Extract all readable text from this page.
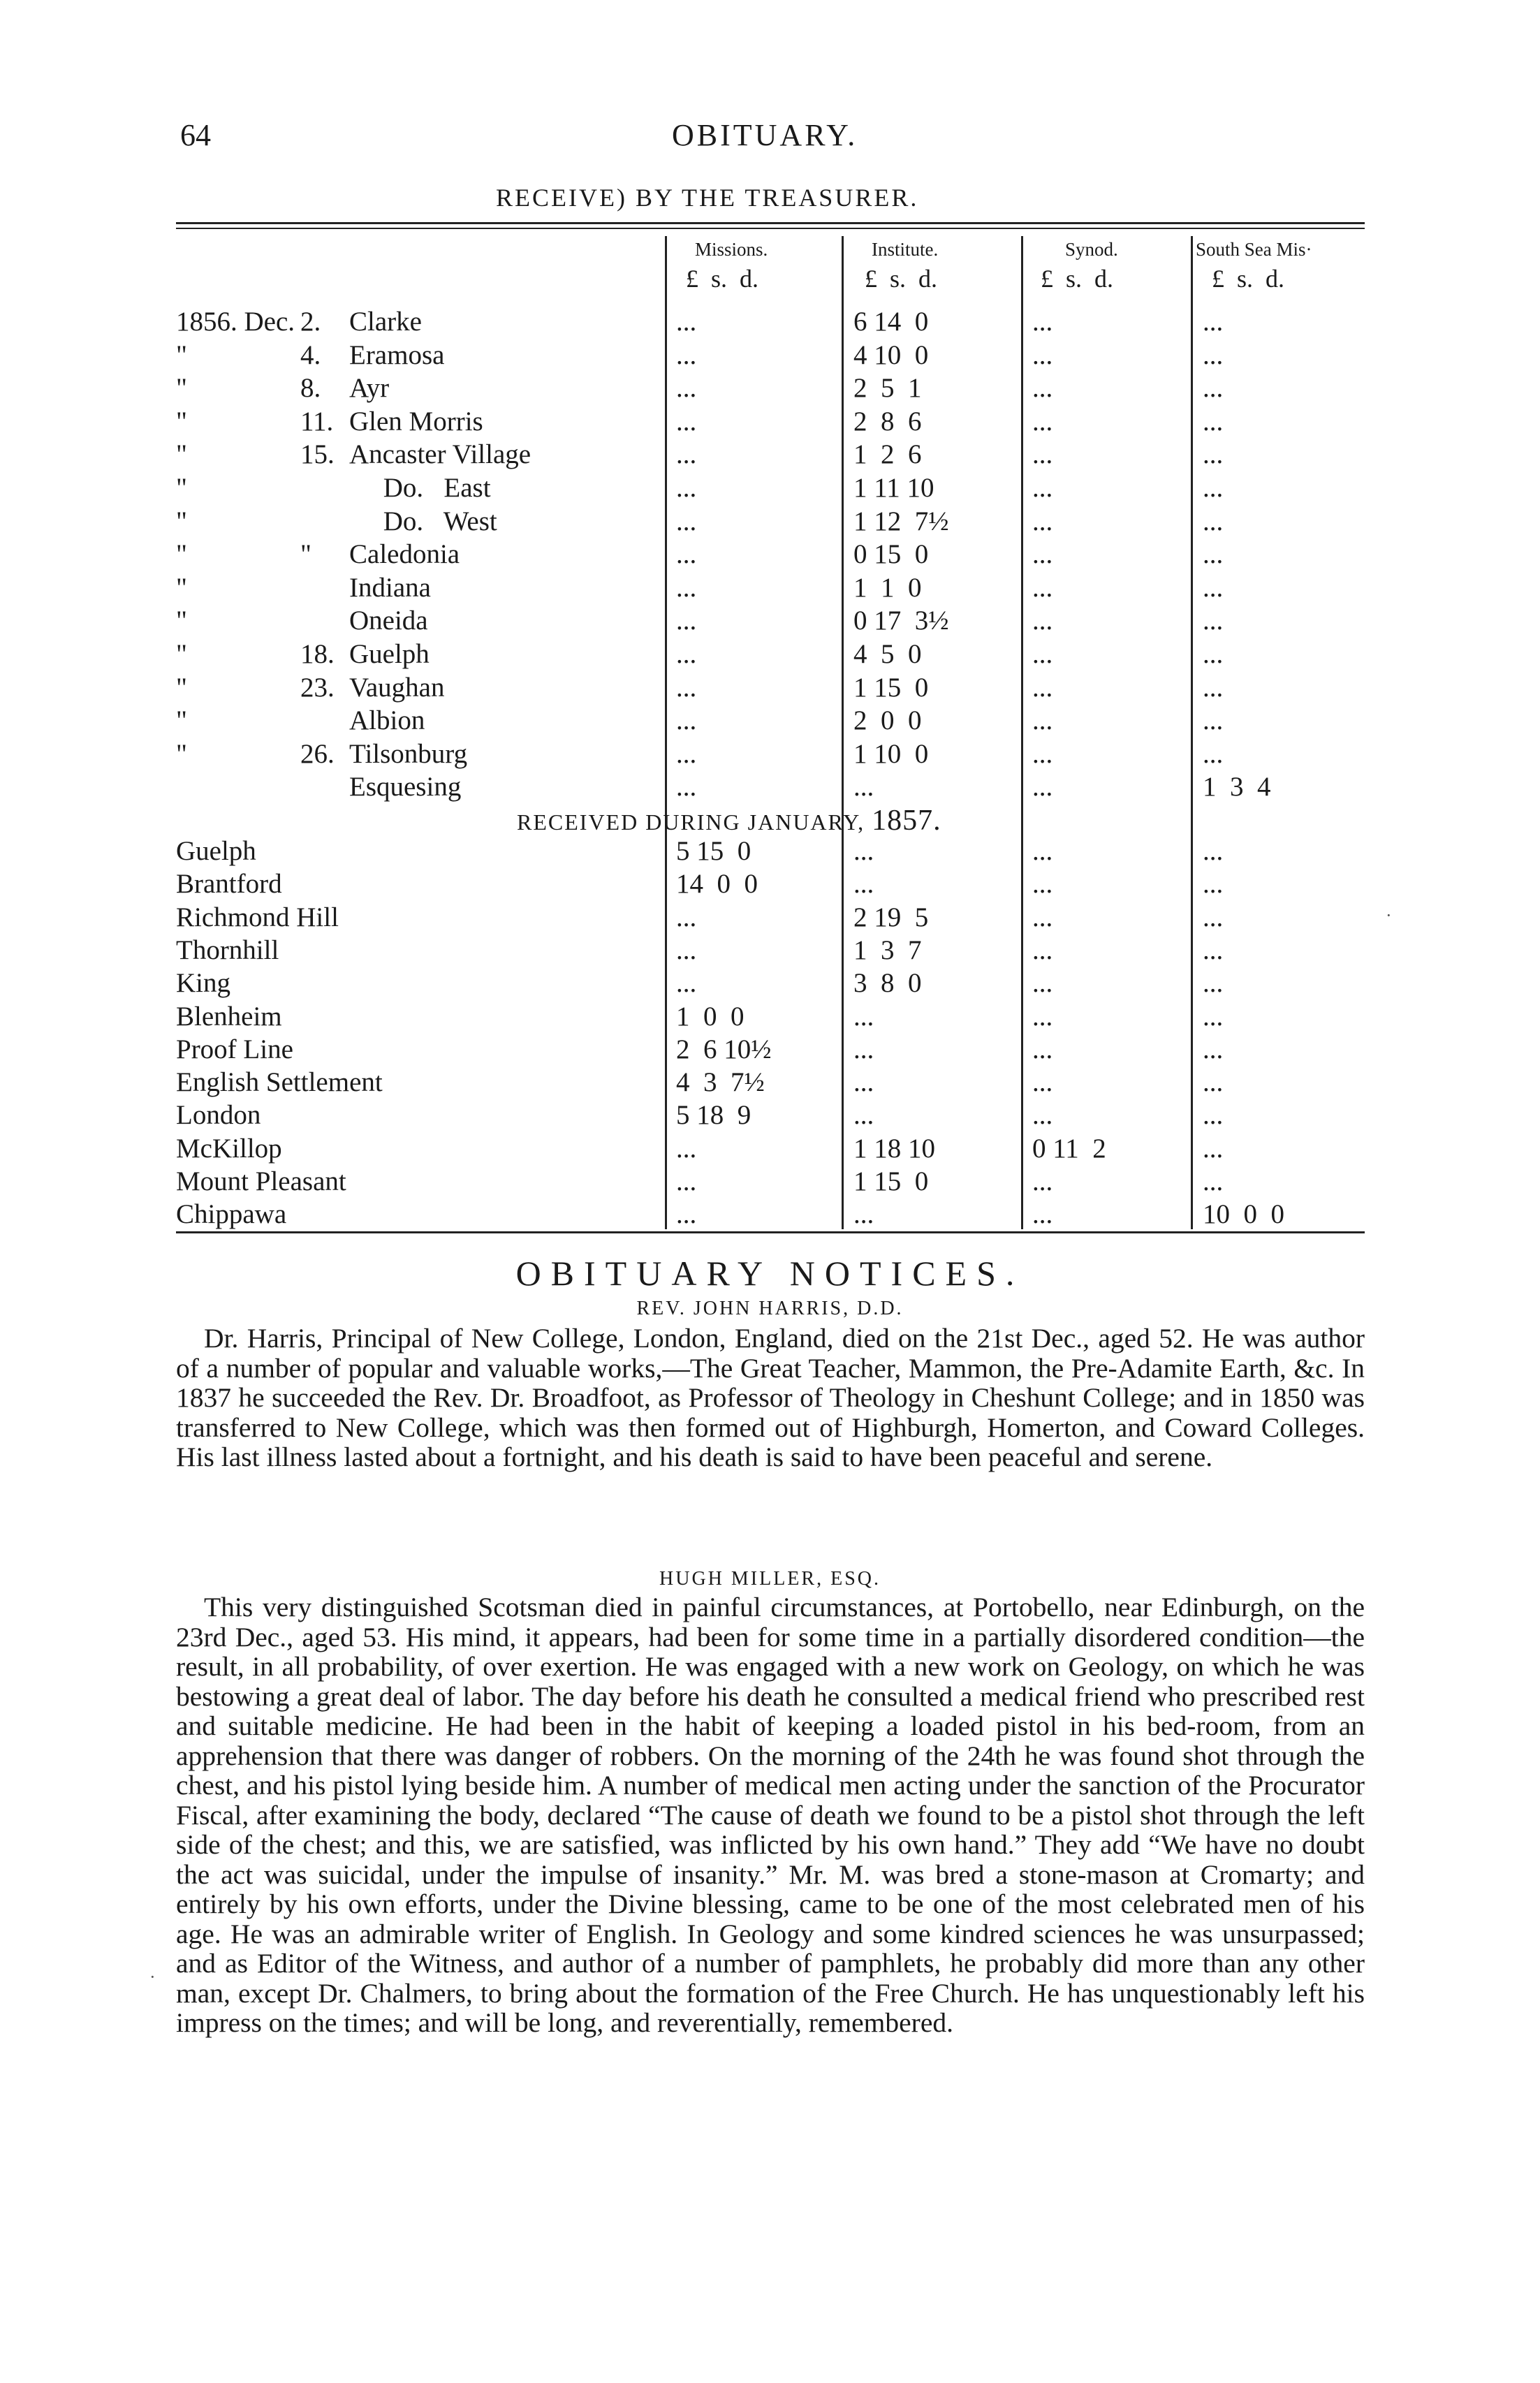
64	OBITUARY.
RECEIVE) BY THE TREASURER.
Missions.	Institute.	Synod.	South Sea Mis·
£  s.  d.	£  s.  d.	£  s.  d.	£  s.  d.
1856. Dec. 2. Clarke	...	6 14  0	...	...
"	4. Eramosa	...	4 10  0	...	...
"	8. Ayr	...	2  5  1	...	...
"	11. Glen Morris	...	2  8  6	...	...
"	15. Ancaster Village	...	1  2  6	...	...
"	Do.   East	...	1 11 10	...	...
"	Do.   West	...	1 12  7½	...	...
"	" Caledonia	...	0 15  0	...	...
"	Indiana	...	1  1  0	...	...
"	Oneida	...	0 17  3½	...	...
"	18. Guelph	...	4  5  0	...	...
"	23. Vaughan	...	1 15  0	...	...
"	Albion	...	2  0  0	...	...
"	26. Tilsonburg	...	1 10  0	...	...
Esquesing	...	...	...	1  3  4
RECEIVED DURING JANUARY, 1857.
Guelph	5 15  0	...	...	...
Brantford	14  0  0	...	...	...
Richmond Hill	...	2 19  5	...	...
Thornhill	...	1  3  7	...	...
King	...	3  8  0	...	...
Blenheim	1  0  0	...	...	...
Proof Line	2  6 10½	...	...	...
English Settlement	4  3  7½	...	...	...
London	5 18  9	...	...	...
McKillop	...	1 18 10	0 11  2	...
Mount Pleasant	...	1 15  0	...	...
Chippawa	...	...	...	10  0  0
OBITUARY NOTICES.
REV. JOHN HARRIS, D.D.

Dr. Harris, Principal of New College, London, England, died on the 21st Dec., aged 52. He was author of a number of popular and valuable works,—The Great Teacher, Mammon, the Pre-Adamite Earth, &c. In 1837 he succeeded the Rev. Dr. Broadfoot, as Professor of Theology in Cheshunt College; and in 1850 was transferred to New College, which was then formed out of Highburgh, Homerton, and Coward Colleges. His last illness lasted about a fortnight, and his death is said to have been peaceful and serene.

HUGH MILLER, ESQ.

This very distinguished Scotsman died in painful circumstances, at Portobello, near Edinburgh, on the 23rd Dec., aged 53. His mind, it appears, had been for some time in a partially disordered condition—the result, in all probability, of over exertion. He was engaged with a new work on Geology, on which he was bestowing a great deal of labor. The day before his death he consulted a medical friend who prescribed rest and suitable medicine. He had been in the habit of keeping a loaded pistol in his bed-room, from an apprehension that there was danger of robbers. On the morning of the 24th he was found shot through the chest, and his pistol lying beside him. A number of medical men acting under the sanction of the Procurator Fiscal, after examining the body, declared “The cause of death we found to be a pistol shot through the left side of the chest; and this, we are satisfied, was inflicted by his own hand.” They add “We have no doubt the act was suicidal, under the impulse of insanity.” Mr. M. was bred a stone-mason at Cromarty; and entirely by his own efforts, under the Divine blessing, came to be one of the most celebrated men of his age. He was an admirable writer of English. In Geology and some kindred sciences he was unsurpassed; and as Editor of the Witness, and author of a number of pamphlets, he probably did more than any other man, except Dr. Chalmers, to bring about the formation of the Free Church. He has unquestionably left his impress on the times; and will be long, and reverentially, remembered.

·
·
